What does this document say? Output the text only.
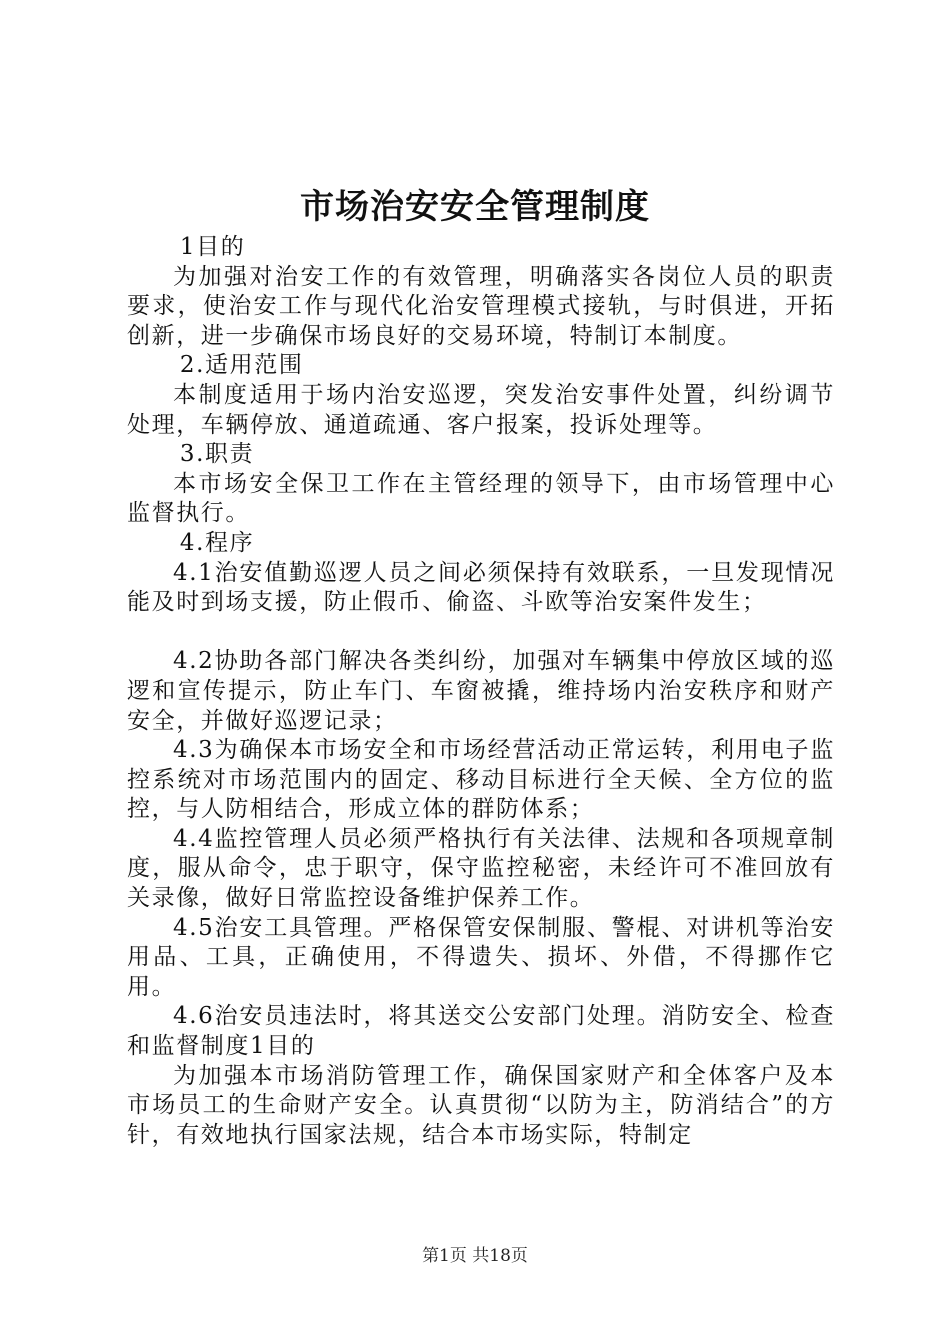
市场治安安全管理制度

1目的

为加强对治安工作的有效管理，明确落实各岗位人员的职责要求，使治安工作与现代化治安管理模式接轨，与时俱进，开拓创新，进一步确保市场良好的交易环境，特制订本制度。

2.适用范围

本制度适用于场内治安巡逻，突发治安事件处置，纠纷调节处理，车辆停放、通道疏通、客户报案，投诉处理等。

3.职责

本市场安全保卫工作在主管经理的领导下，由市场管理中心监督执行。

4.程序

4.1治安值勤巡逻人员之间必须保持有效联系，一旦发现情况能及时到场支援，防止假币、偷盗、斗欧等治安案件发生；

4.2协助各部门解决各类纠纷，加强对车辆集中停放区域的巡逻和宣传提示，防止车门、车窗被撬，维持场内治安秩序和财产安全，并做好巡逻记录；

4.3为确保本市场安全和市场经营活动正常运转，利用电子监控系统对市场范围内的固定、移动目标进行全天候、全方位的监控，与人防相结合，形成立体的群防体系；

4.4监控管理人员必须严格执行有关法律、法规和各项规章制度，服从命令，忠于职守，保守监控秘密，未经许可不准回放有关录像，做好日常监控设备维护保养工作。

4.5治安工具管理。严格保管安保制服、警棍、对讲机等治安用品、工具，正确使用，不得遗失、损坏、外借，不得挪作它用。

4.6治安员违法时，将其送交公安部门处理。消防安全、检查和监督制度1目的

为加强本市场消防管理工作，确保国家财产和全体客户及本市场员工的生命财产安全。认真贯彻“以防为主，防消结合”的方针，有效地执行国家法规，结合本市场实际，特制定

第1页 共18页
